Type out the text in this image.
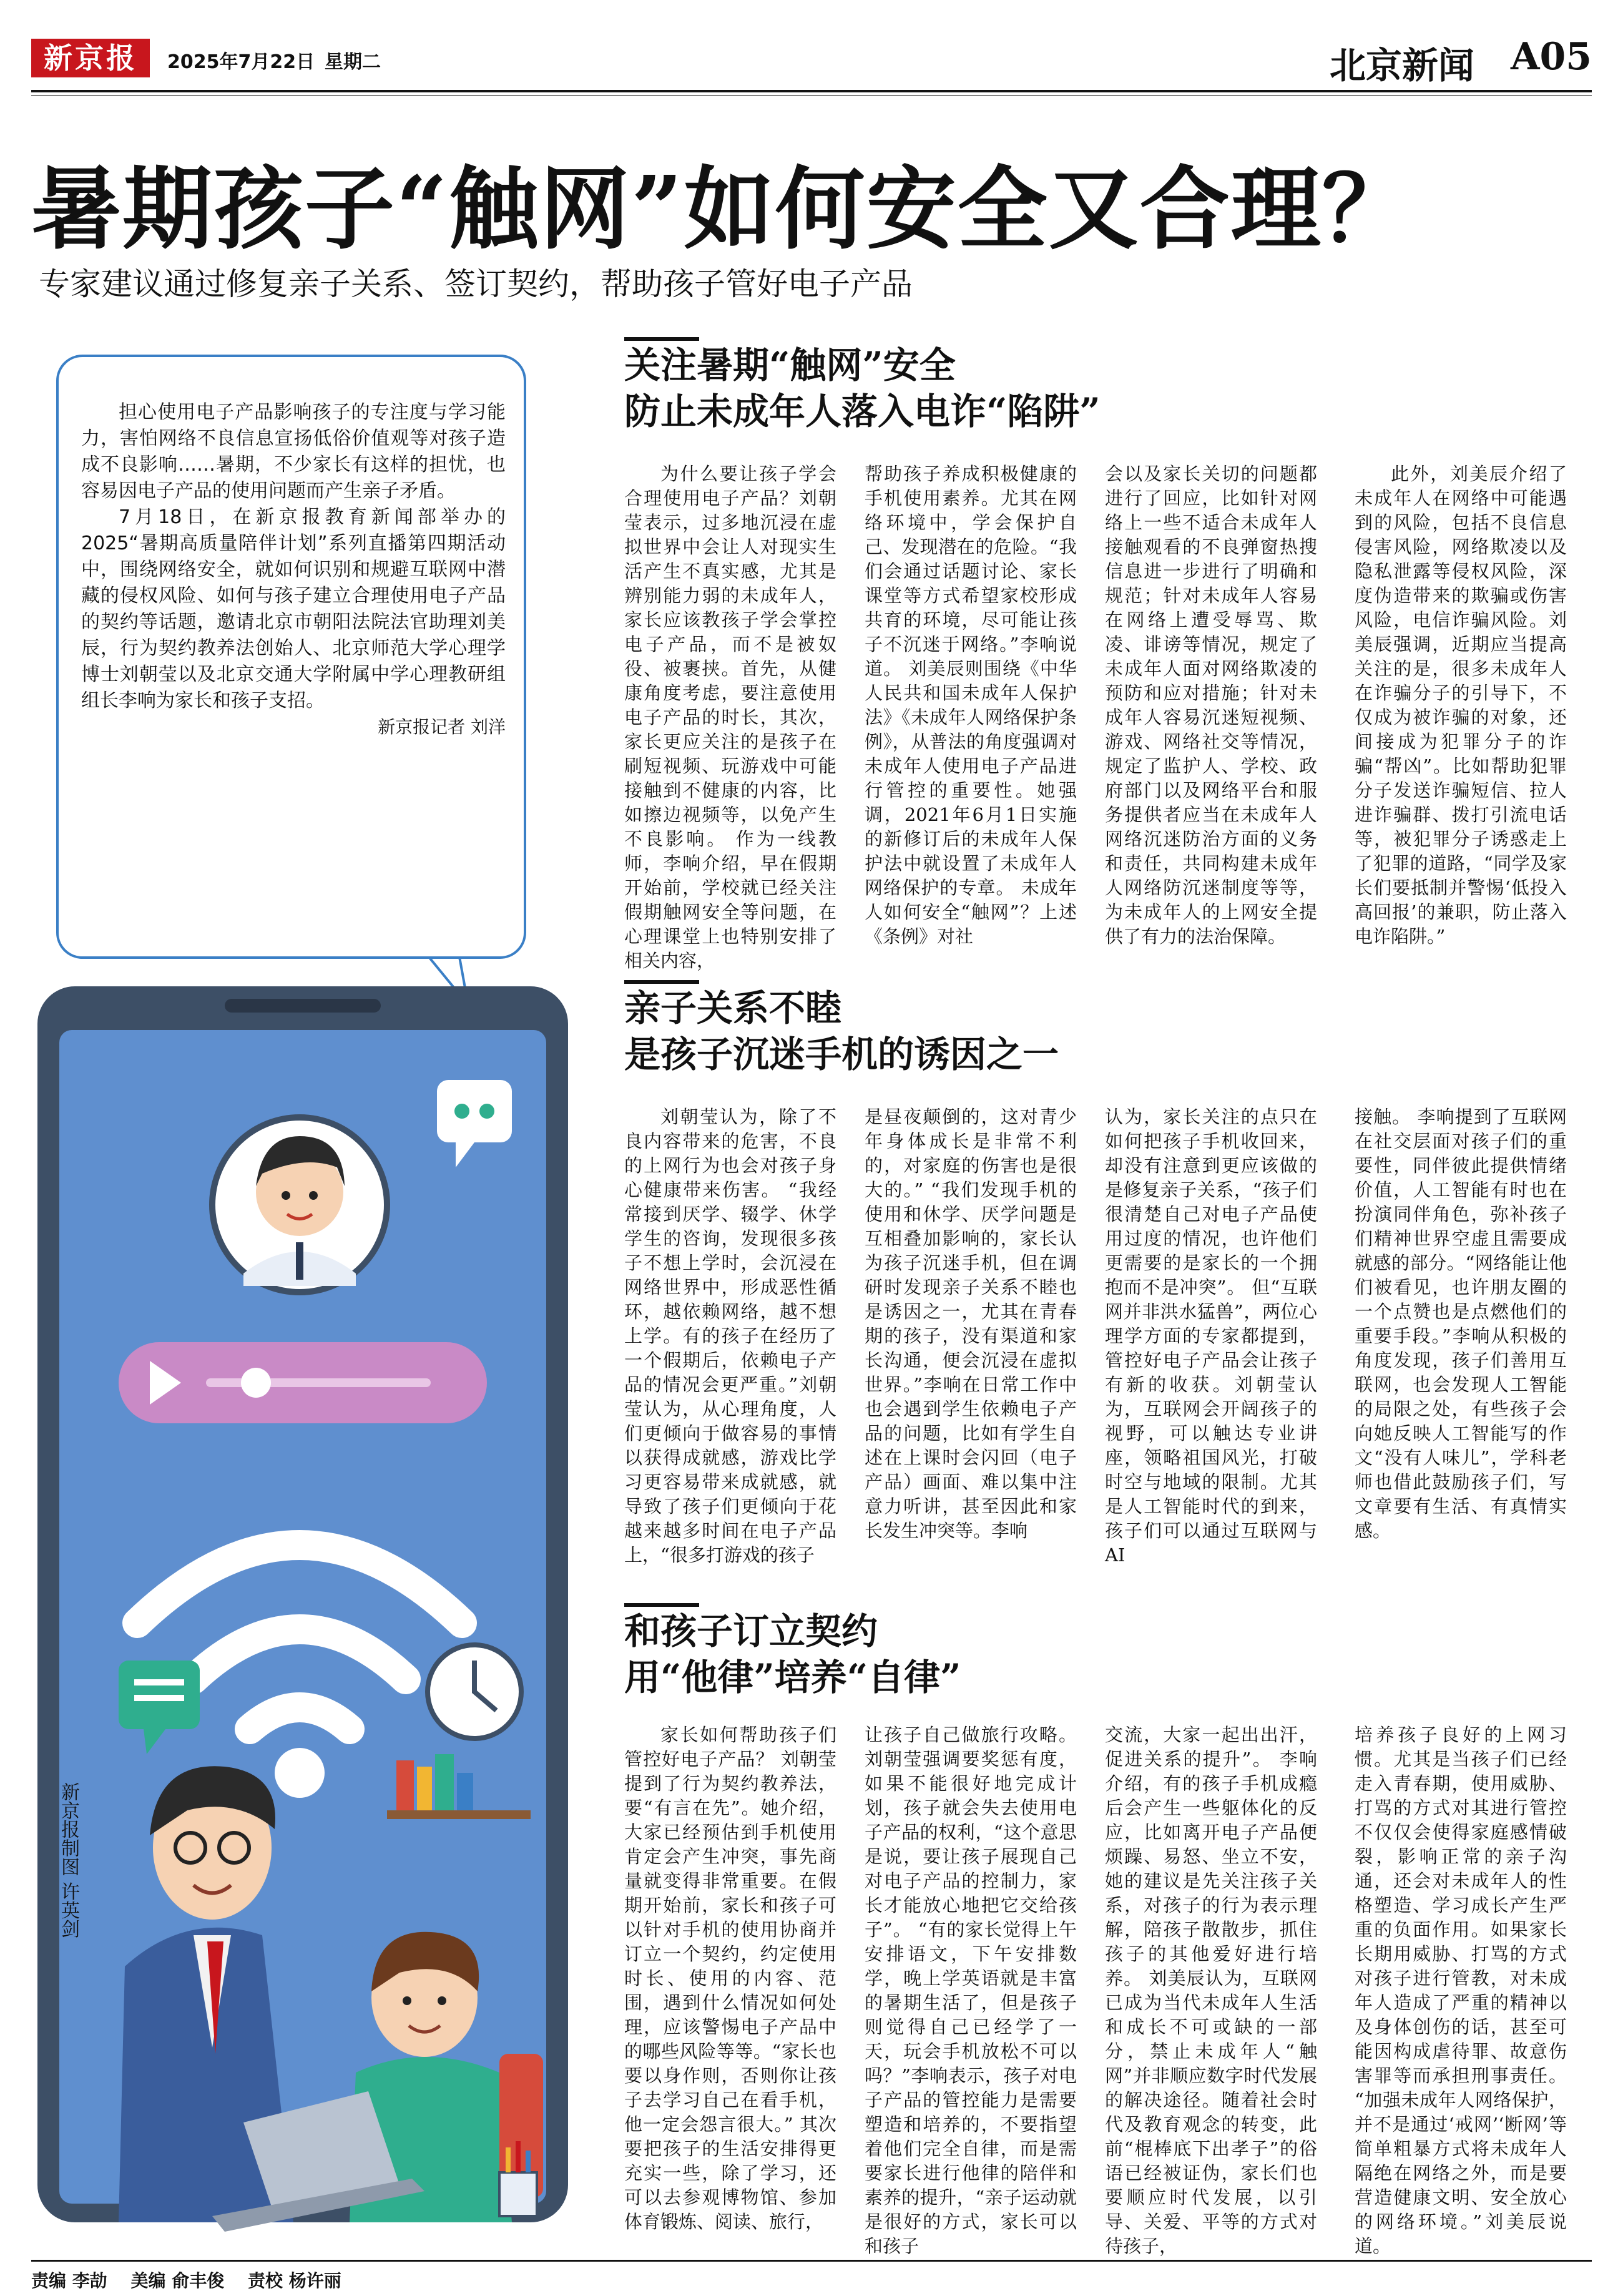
新京报	2025年7月22日 星期二	北京新闻 A05
暑期孩子“触网”如何安全又合理？
专家建议通过修复亲子关系、签订契约，帮助孩子管好电子产品

担心使用电子产品影响孩子的专注度与学习能力，害怕网络不良信息宣扬低俗价值观等对孩子造成不良影响……暑期，不少家长有这样的担忧，也容易因电子产品的使用问题而产生亲子矛盾。

7月18日，在新京报教育新闻部举办的2025“暑期高质量陪伴计划”系列直播第四期活动中，围绕网络安全，就如何识别和规避互联网中潜藏的侵权风险、如何与孩子建立合理使用电子产品的契约等话题，邀请北京市朝阳法院法官助理刘美辰，行为契约教养法创始人、北京师范大学心理学博士刘朝莹以及北京交通大学附属中学心理教研组组长李响为家长和孩子支招。

新京报记者 刘洋
新京报制图 许英剑
关注暑期“触网”安全
防止未成年人落入电诈“陷阱”

为什么要让孩子学会合理使用电子产品？刘朝莹表示，过多地沉浸在虚拟世界中会让人对现实生活产生不真实感，尤其是辨别能力弱的未成年人，家长应该教孩子学会掌控电子产品，而不是被奴役、被裹挟。首先，从健康角度考虑，要注意使用电子产品的时长，其次，家长更应关注的是孩子在刷短视频、玩游戏中可能接触到不健康的内容，比如擦边视频等，以免产生不良影响。 作为一线教师，李响介绍，早在假期开始前，学校就已经关注假期触网安全等问题，在心理课堂上也特别安排了相关内容，

帮助孩子养成积极健康的手机使用素养。尤其在网络环境中，学会保护自己、发现潜在的危险。“我们会通过话题讨论、家长课堂等方式希望家校形成共育的环境，尽可能让孩子不沉迷于网络。”李响说道。 刘美辰则围绕《中华人民共和国未成年人保护法》《未成年人网络保护条例》，从普法的角度强调对未成年人使用电子产品进行管控的重要性。她强调，2021年6月1日实施的新修订后的未成年人保护法中就设置了未成年人网络保护的专章。 未成年人如何安全“触网”？上述《条例》对社

会以及家长关切的问题都进行了回应，比如针对网络上一些不适合未成年人接触观看的不良弹窗热搜信息进一步进行了明确和规范；针对未成年人容易在网络上遭受辱骂、欺凌、诽谤等情况，规定了未成年人面对网络欺凌的预防和应对措施；针对未成年人容易沉迷短视频、游戏、网络社交等情况，规定了监护人、学校、政府部门以及网络平台和服务提供者应当在未成年人网络沉迷防治方面的义务和责任，共同构建未成年人网络防沉迷制度等等，为未成年人的上网安全提供了有力的法治保障。

此外，刘美辰介绍了未成年人在网络中可能遇到的风险，包括不良信息侵害风险，网络欺凌以及隐私泄露等侵权风险，深度伪造带来的欺骗或伤害风险，电信诈骗风险。刘美辰强调，近期应当提高关注的是，很多未成年人在诈骗分子的引导下，不仅成为被诈骗的对象，还间接成为犯罪分子的诈骗“帮凶”。比如帮助犯罪分子发送诈骗短信、拉人进诈骗群、拨打引流电话等，被犯罪分子诱惑走上了犯罪的道路，“同学及家长们要抵制并警惕‘低投入高回报’的兼职，防止落入电诈陷阱。”

亲子关系不睦
是孩子沉迷手机的诱因之一

刘朝莹认为，除了不良内容带来的危害，不良的上网行为也会对孩子身心健康带来伤害。 “我经常接到厌学、辍学、休学学生的咨询，发现很多孩子不想上学时，会沉浸在网络世界中，形成恶性循环，越依赖网络，越不想上学。有的孩子在经历了一个假期后，依赖电子产品的情况会更严重。”刘朝莹认为，从心理角度，人们更倾向于做容易的事情以获得成就感，游戏比学习更容易带来成就感，就导致了孩子们更倾向于花越来越多时间在电子产品上，“很多打游戏的孩子

是昼夜颠倒的，这对青少年身体成长是非常不利的，对家庭的伤害也是很大的。” “我们发现手机的使用和休学、厌学问题是互相叠加影响的，家长认为孩子沉迷手机，但在调研时发现亲子关系不睦也是诱因之一，尤其在青春期的孩子，没有渠道和家长沟通，便会沉浸在虚拟世界。”李响在日常工作中也会遇到学生依赖电子产品的问题，比如有学生自述在上课时会闪回（电子产品）画面、难以集中注意力听讲，甚至因此和家长发生冲突等。李响

认为，家长关注的点只在如何把孩子手机收回来，却没有注意到更应该做的是修复亲子关系，“孩子们很清楚自己对电子产品使用过度的情况，也许他们更需要的是家长的一个拥抱而不是冲突”。 但“互联网并非洪水猛兽”，两位心理学方面的专家都提到，管控好电子产品会让孩子有新的收获。刘朝莹认为，互联网会开阔孩子的视野，可以触达专业讲座，领略祖国风光，打破时空与地域的限制。尤其是人工智能时代的到来，孩子们可以通过互联网与AI

接触。 李响提到了互联网在社交层面对孩子们的重要性，同伴彼此提供情绪价值，人工智能有时也在扮演同伴角色，弥补孩子们精神世界空虚且需要成就感的部分。“网络能让他们被看见，也许朋友圈的一个点赞也是点燃他们的重要手段。”李响从积极的角度发现，孩子们善用互联网，也会发现人工智能的局限之处，有些孩子会向她反映人工智能写的作文“没有人味儿”，学科老师也借此鼓励孩子们，写文章要有生活、有真情实感。

和孩子订立契约
用“他律”培养“自律”

家长如何帮助孩子们管控好电子产品？ 刘朝莹提到了行为契约教养法，要“有言在先”。她介绍，大家已经预估到手机使用肯定会产生冲突，事先商量就变得非常重要。在假期开始前，家长和孩子可以针对手机的使用协商并订立一个契约，约定使用时长、使用的内容、范围，遇到什么情况如何处理，应该警惕电子产品中的哪些风险等等。“家长也要以身作则，否则你让孩子去学习自己在看手机，他一定会怨言很大。” 其次要把孩子的生活安排得更充实一些，除了学习，还可以去参观博物馆、参加体育锻炼、阅读、旅行，

让孩子自己做旅行攻略。刘朝莹强调要奖惩有度，如果不能很好地完成计划，孩子就会失去使用电子产品的权利，“这个意思是说，要让孩子展现自己对电子产品的控制力，家长才能放心地把它交给孩子”。 “有的家长觉得上午安排语文，下午安排数学，晚上学英语就是丰富的暑期生活了，但是孩子则觉得自己已经学了一天，玩会手机放松不可以吗？”李响表示，孩子对电子产品的管控能力是需要塑造和培养的，不要指望着他们完全自律，而是需要家长进行他律的陪伴和素养的提升，“亲子运动就是很好的方式，家长可以和孩子

交流，大家一起出出汗，促进关系的提升”。 李响介绍，有的孩子手机成瘾后会产生一些躯体化的反应，比如离开电子产品便烦躁、易怒、坐立不安，她的建议是先关注孩子关系，对孩子的行为表示理解，陪孩子散散步，抓住孩子的其他爱好进行培养。 刘美辰认为，互联网已成为当代未成年人生活和成长不可或缺的一部分，禁止未成年人“触网”并非顺应数字时代发展的解决途径。随着社会时代及教育观念的转变，此前“棍棒底下出孝子”的俗语已经被证伪，家长们也要顺应时代发展，以引导、关爱、平等的方式对待孩子，

培养孩子良好的上网习惯。尤其是当孩子们已经走入青春期，使用威胁、打骂的方式对其进行管控不仅仅会使得家庭感情破裂，影响正常的亲子沟通，还会对未成年人的性格塑造、学习成长产生严重的负面作用。如果家长长期用威胁、打骂的方式对孩子进行管教，对未成年人造成了严重的精神以及身体创伤的话，甚至可能因构成虐待罪、故意伤害罪等而承担刑事责任。 “加强未成年人网络保护，并不是通过‘戒网’‘断网’等简单粗暴方式将未成年人隔绝在网络之外，而是要营造健康文明、安全放心的网络环境。”刘美辰说道。

责编 李劼 美编 俞丰俊 责校 杨许丽
